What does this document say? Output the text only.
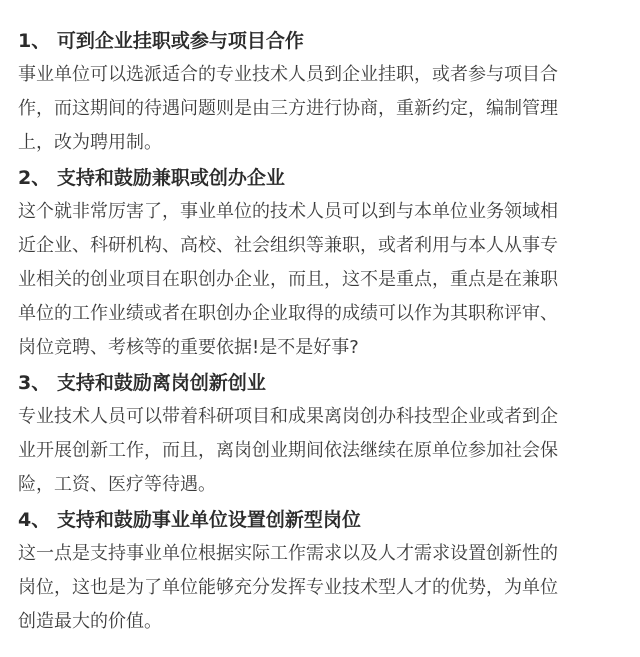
1、 可到企业挂职或参与项目合作
事业单位可以选派适合的专业技术人员到企业挂职，或者参与项目合
作，而这期间的待遇问题则是由三方进行协商，重新约定，编制管理
上，改为聘用制。
2、 支持和鼓励兼职或创办企业
这个就非常厉害了，事业单位的技术人员可以到与本单位业务领域相
近企业、科研机构、高校、社会组织等兼职，或者利用与本人从事专
业相关的创业项目在职创办企业，而且，这不是重点，重点是在兼职
单位的工作业绩或者在职创办企业取得的成绩可以作为其职称评审、
岗位竞聘、考核等的重要依据!是不是好事?
3、 支持和鼓励离岗创新创业
专业技术人员可以带着科研项目和成果离岗创办科技型企业或者到企
业开展创新工作，而且，离岗创业期间依法继续在原单位参加社会保
险，工资、医疗等待遇。
4、 支持和鼓励事业单位设置创新型岗位
这一点是支持事业单位根据实际工作需求以及人才需求设置创新性的
岗位，这也是为了单位能够充分发挥专业技术型人才的优势，为单位
创造最大的价值。
